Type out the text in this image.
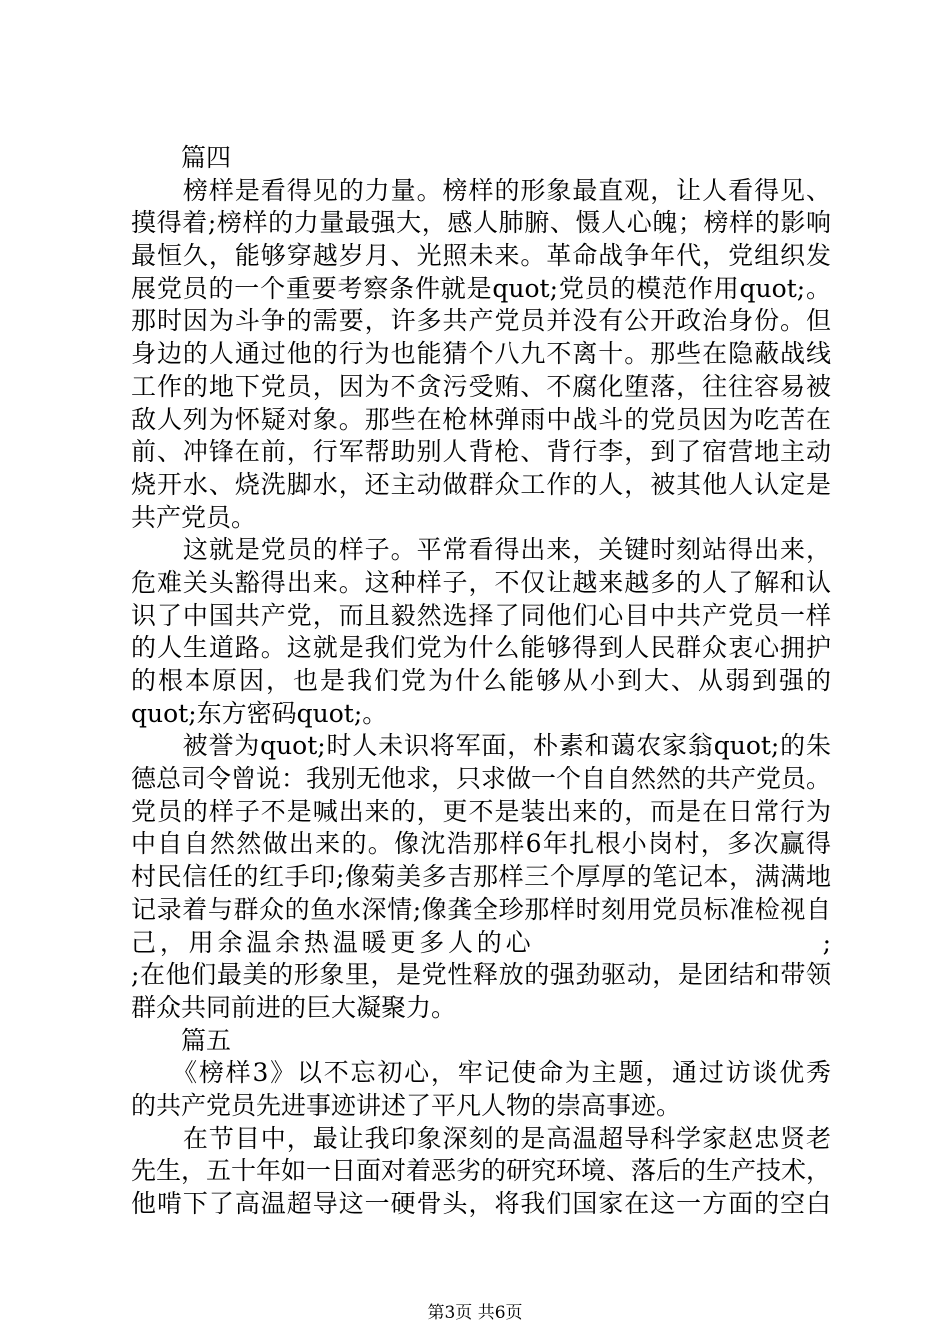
　　篇四
　　榜样是看得见的力量。榜样的形象最直观，让人看得见、
摸得着;榜样的力量最强大，感人肺腑、慑人心魄；榜样的影响
最恒久，能够穿越岁月、光照未来。革命战争年代，党组织发
展党员的一个重要考察条件就是quot;党员的模范作用quot;。
那时因为斗争的需要，许多共产党员并没有公开政治身份。但
身边的人通过他的行为也能猜个八九不离十。那些在隐蔽战线
工作的地下党员，因为不贪污受贿、不腐化堕落，往往容易被
敌人列为怀疑对象。那些在枪林弹雨中战斗的党员因为吃苦在
前、冲锋在前，行军帮助别人背枪、背行李，到了宿营地主动
烧开水、烧洗脚水，还主动做群众工作的人，被其他人认定是
共产党员。
　　这就是党员的样子。平常看得出来，关键时刻站得出来，
危难关头豁得出来。这种样子，不仅让越来越多的人了解和认
识了中国共产党，而且毅然选择了同他们心目中共产党员一样
的人生道路。这就是我们党为什么能够得到人民群众衷心拥护
的根本原因，也是我们党为什么能够从小到大、从弱到强的
quot;东方密码quot;。
　　被誉为quot;时人未识将军面，朴素和蔼农家翁quot;的朱
德总司令曾说：我别无他求，只求做一个自自然然的共产党员。
党员的样子不是喊出来的，更不是装出来的，而是在日常行为
中自自然然做出来的。像沈浩那样6年扎根小岗村，多次赢得
村民信任的红手印;像菊美多吉那样三个厚厚的笔记本，满满地
记录着与群众的鱼水深情;像龚全珍那样时刻用党员标准检视自
己，用余温余热温暖更多人的心　　　　　　　　　　;
;在他们最美的形象里，是党性释放的强劲驱动，是团结和带领
群众共同前进的巨大凝聚力。
　　篇五
　　《榜样3》以不忘初心，牢记使命为主题，通过访谈优秀
的共产党员先进事迹讲述了平凡人物的崇高事迹。
　　在节目中，最让我印象深刻的是高温超导科学家赵忠贤老
先生，五十年如一日面对着恶劣的研究环境、落后的生产技术，
他啃下了高温超导这一硬骨头，将我们国家在这一方面的空白
第3页 共6页
